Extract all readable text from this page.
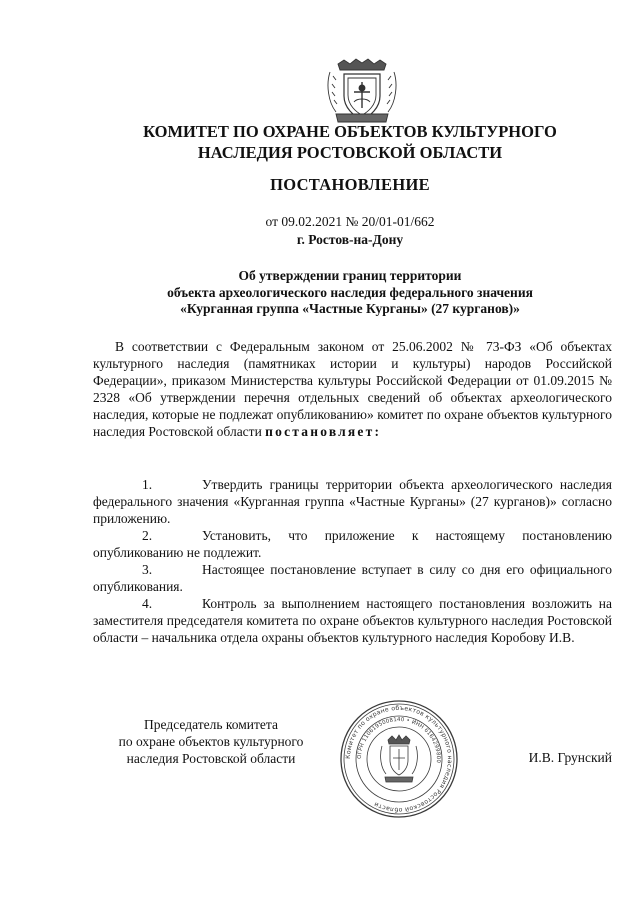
КОМИТЕТ ПО ОХРАНЕ ОБЪЕКТОВ КУЛЬТУРНОГО
НАСЛЕДИЯ РОСТОВСКОЙ ОБЛАСТИ
ПОСТАНОВЛЕНИЕ
от 09.02.2021 № 20/01-01/662
г. Ростов-на-Дону
Об утверждении границ территории
объекта археологического наследия федерального значения
«Курганная группа «Частные Курганы» (27 курганов)»
В соответствии с Федеральным законом от 25.06.2002 № 73-ФЗ «Об объектах культурного наследия (памятниках истории и культуры) народов Российской Федерации», приказом Министерства культуры Российской Федерации от 01.09.2015 № 2328 «Об утверждении перечня отдельных сведений об объектах археологического наследия, которые не подлежат опубликованию» комитет по охране объектов культурного наследия Ростовской области постановляет:
1.	Утвердить границы территории объекта археологического наследия федерального значения «Курганная группа «Частные Курганы» (27 курганов)» согласно приложению.
2.	Установить, что приложение к настоящему постановлению опубликованию не подлежит.
3.	Настоящее постановление вступает в силу со дня его официального опубликования.
4.	Контроль за выполнением настоящего постановления возложить на заместителя председателя комитета по охране объектов культурного наследия Ростовской области – начальника отдела охраны объектов культурного наследия Коробову И.В.
Председатель комитета
по охране объектов культурного
наследия Ростовской области	Комитет по охране объектов культурного наследия Ростовской области
ОГРН 1106195008140 • ИНН 6164299800	И.В. Грунский
